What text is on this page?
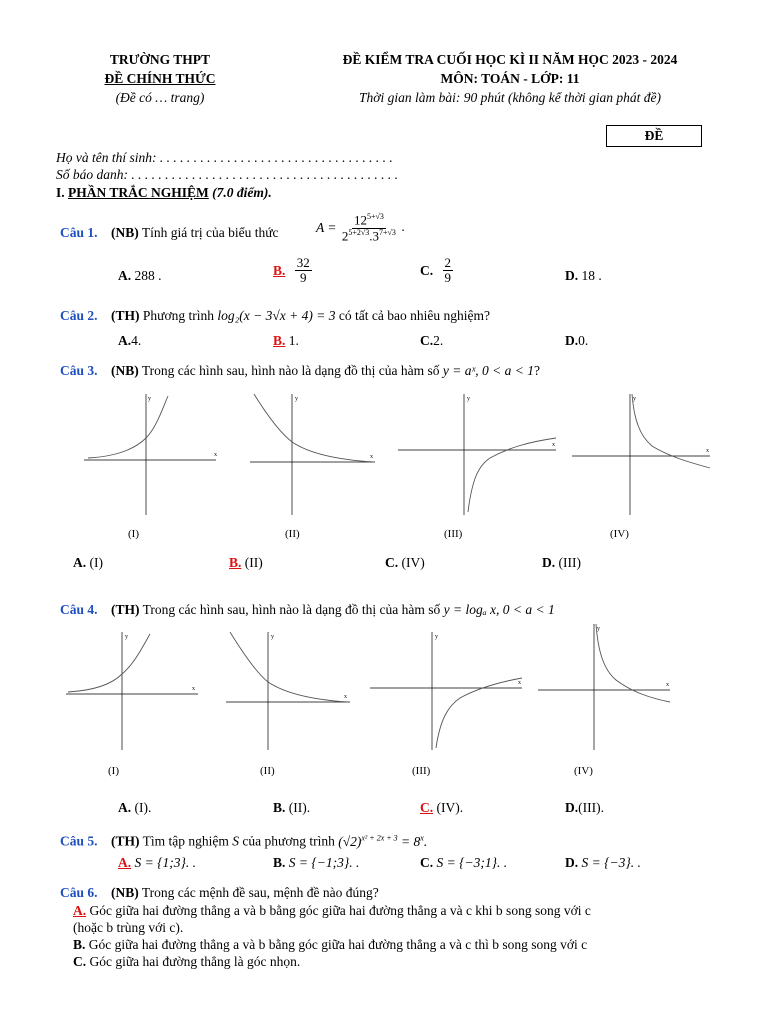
TRƯỜNG THPT
ĐỀ CHÍNH THỨC
(Đề có … trang)
ĐỀ KIỂM TRA CUỐI HỌC KÌ II NĂM HỌC 2023 - 2024
MÔN: TOÁN - LỚP: 11
Thời gian làm bài: 90 phút (không kể thời gian phát đề)
ĐỀ
Họ và tên thí sinh: . . . . . . . . . . . . . . . . . . . . . . . . . . . . . . . . . . .
Số báo danh: . . . . . . . . . . . . . . . . . . . . . . . . . . . . . . . . . . . . . . . .
I. PHẦN TRẮC NGHIỆM (7.0 điểm).
Câu 1. (NB) Tính giá trị của biểu thức	$A = \frac{12^{5+√3}}{2^{5+2√3}.3^{7+√3}}$ .
A. 288 .	B. $\frac{32}{9}$	C. $\frac{2}{9}$	D. 18 .
Câu 2. (TH) Phương trình log₂(x − 3√x + 4) = 3 có tất cả bao nhiêu nghiệm?
A.4.	B. 1.	C.2.	D.0.
Câu 3. (NB) Trong các hình sau, hình nào là dạng đồ thị của hàm số y = aˣ, 0 < a < 1?
x
y
x
y
x
y
x
y
(I)	(II)	(III)	(IV)
A. (I)	B. (II)	C. (IV)	D. (III)
Câu 4. (TH) Trong các hình sau, hình nào là dạng đồ thị của hàm số y = logₐ x, 0 < a < 1
x
y
x
y
x
y
x
y
(I)	(II)	(III)	(IV)
A. (I).	B. (II).	C. (IV).	D.(III).
Câu 5. (TH) Tìm tập nghiệm S của phương trình $(√2)^{x^2 + 2x + 3} = 8^x$.
A. S = {1;3}. .	B. S = {−1;3}. .	C. S = {−3;1}. .	D. S = {−3}. .
Câu 6. (NB) Trong các mệnh đề sau, mệnh đề nào đúng?
A. Góc giữa hai đường thẳng a và b bằng góc giữa hai đường thẳng a và c khi b song song với c
(hoặc b trùng với c).
B. Góc giữa hai đường thẳng a và b bằng góc giữa hai đường thẳng a và c thì b song song với c
C. Góc giữa hai đường thẳng là góc nhọn.
